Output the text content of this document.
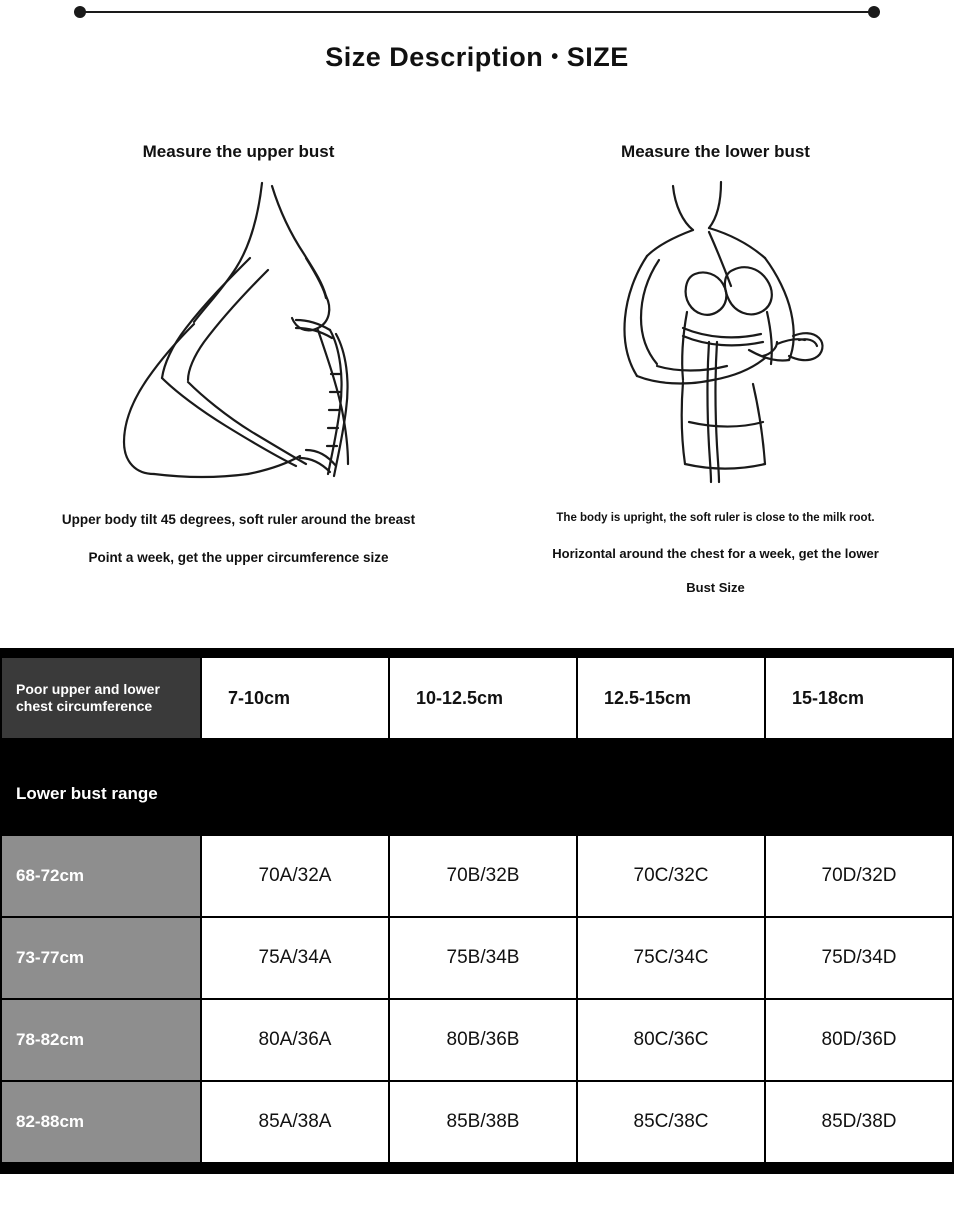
Size Description • SIZE
Measure the upper bust
Upper body tilt 45 degrees, soft ruler around the breast
Point a week, get the upper circumference size
Measure the lower bust
The body is upright, the soft ruler is close to the milk root.
Horizontal around the chest for a week, get the lower
Bust Size
Poor upper and lower chest circumference	7-10cm	10-12.5cm	12.5-15cm	15-18cm

Lower bust range				
68-72cm	70A/32A	70B/32B	70C/32C	70D/32D
73-77cm	75A/34A	75B/34B	75C/34C	75D/34D
78-82cm	80A/36A	80B/36B	80C/36C	80D/36D
82-88cm	85A/38A	85B/38B	85C/38C	85D/38D
